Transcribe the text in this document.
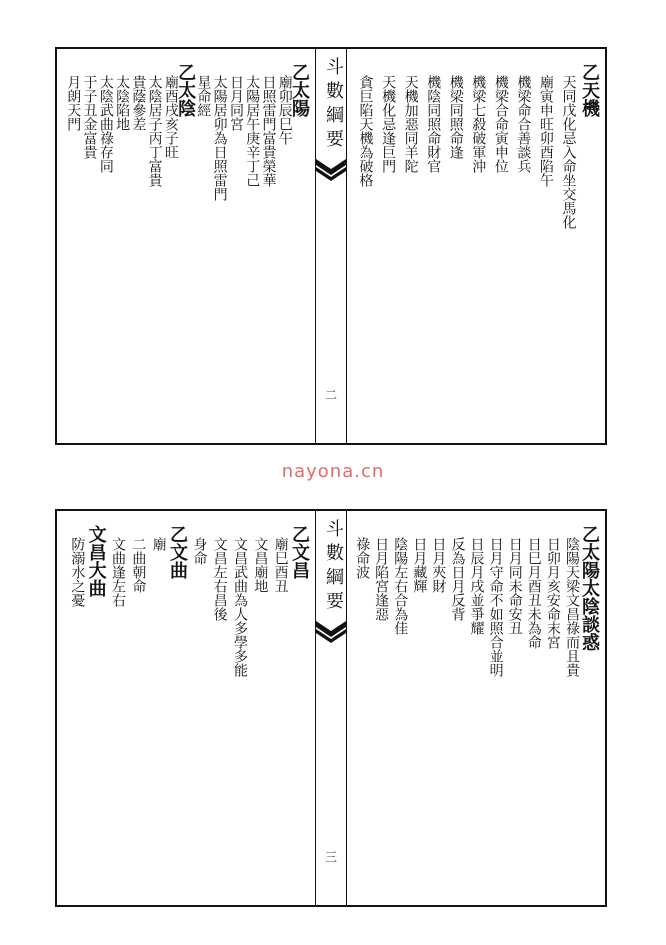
斗數綱要
二
乙天機
天同戊化忌入命坐交馬化
廟寅申旺卯酉陷午
機梁命合善談兵
機梁合命寅申位
機梁七殺破軍沖
機梁同照命逢
機陰同照命財官
天機加惡同羊陀
天機化忌逢巨門
貪巨陷天機為破格
乙太陽
廟卯辰巳午
日照雷門富貴榮華
太陽居午庚辛丁己
日月同宮
太陽居卯為日照雷門
星命經
乙太陰
廟酉戌亥子旺
太陰居子丙丁富貴
貴蔭參差
太陰陷地
太陰武曲祿存同
于子丑金富貴
月朗天門
nayona.cn
斗數綱要
三
乙太陽太陰談惑
陰陽天梁文昌祿而且貴
日卯月亥安命末宮
日巳月酉丑未為命
日月同未命安丑
日月守命不如照合並明
日辰月戌並爭耀
反為日月反背
日月夾財
日月藏輝
陰陽左右合為佳
日月陷宮逢惡
祿命波
乙文昌
廟巳酉丑
文昌廟地
文昌武曲為人多學多能
文昌左右昌後
身命
乙文曲
廟
二曲朝命
文曲逢左右
文昌大曲
防溺水之憂
